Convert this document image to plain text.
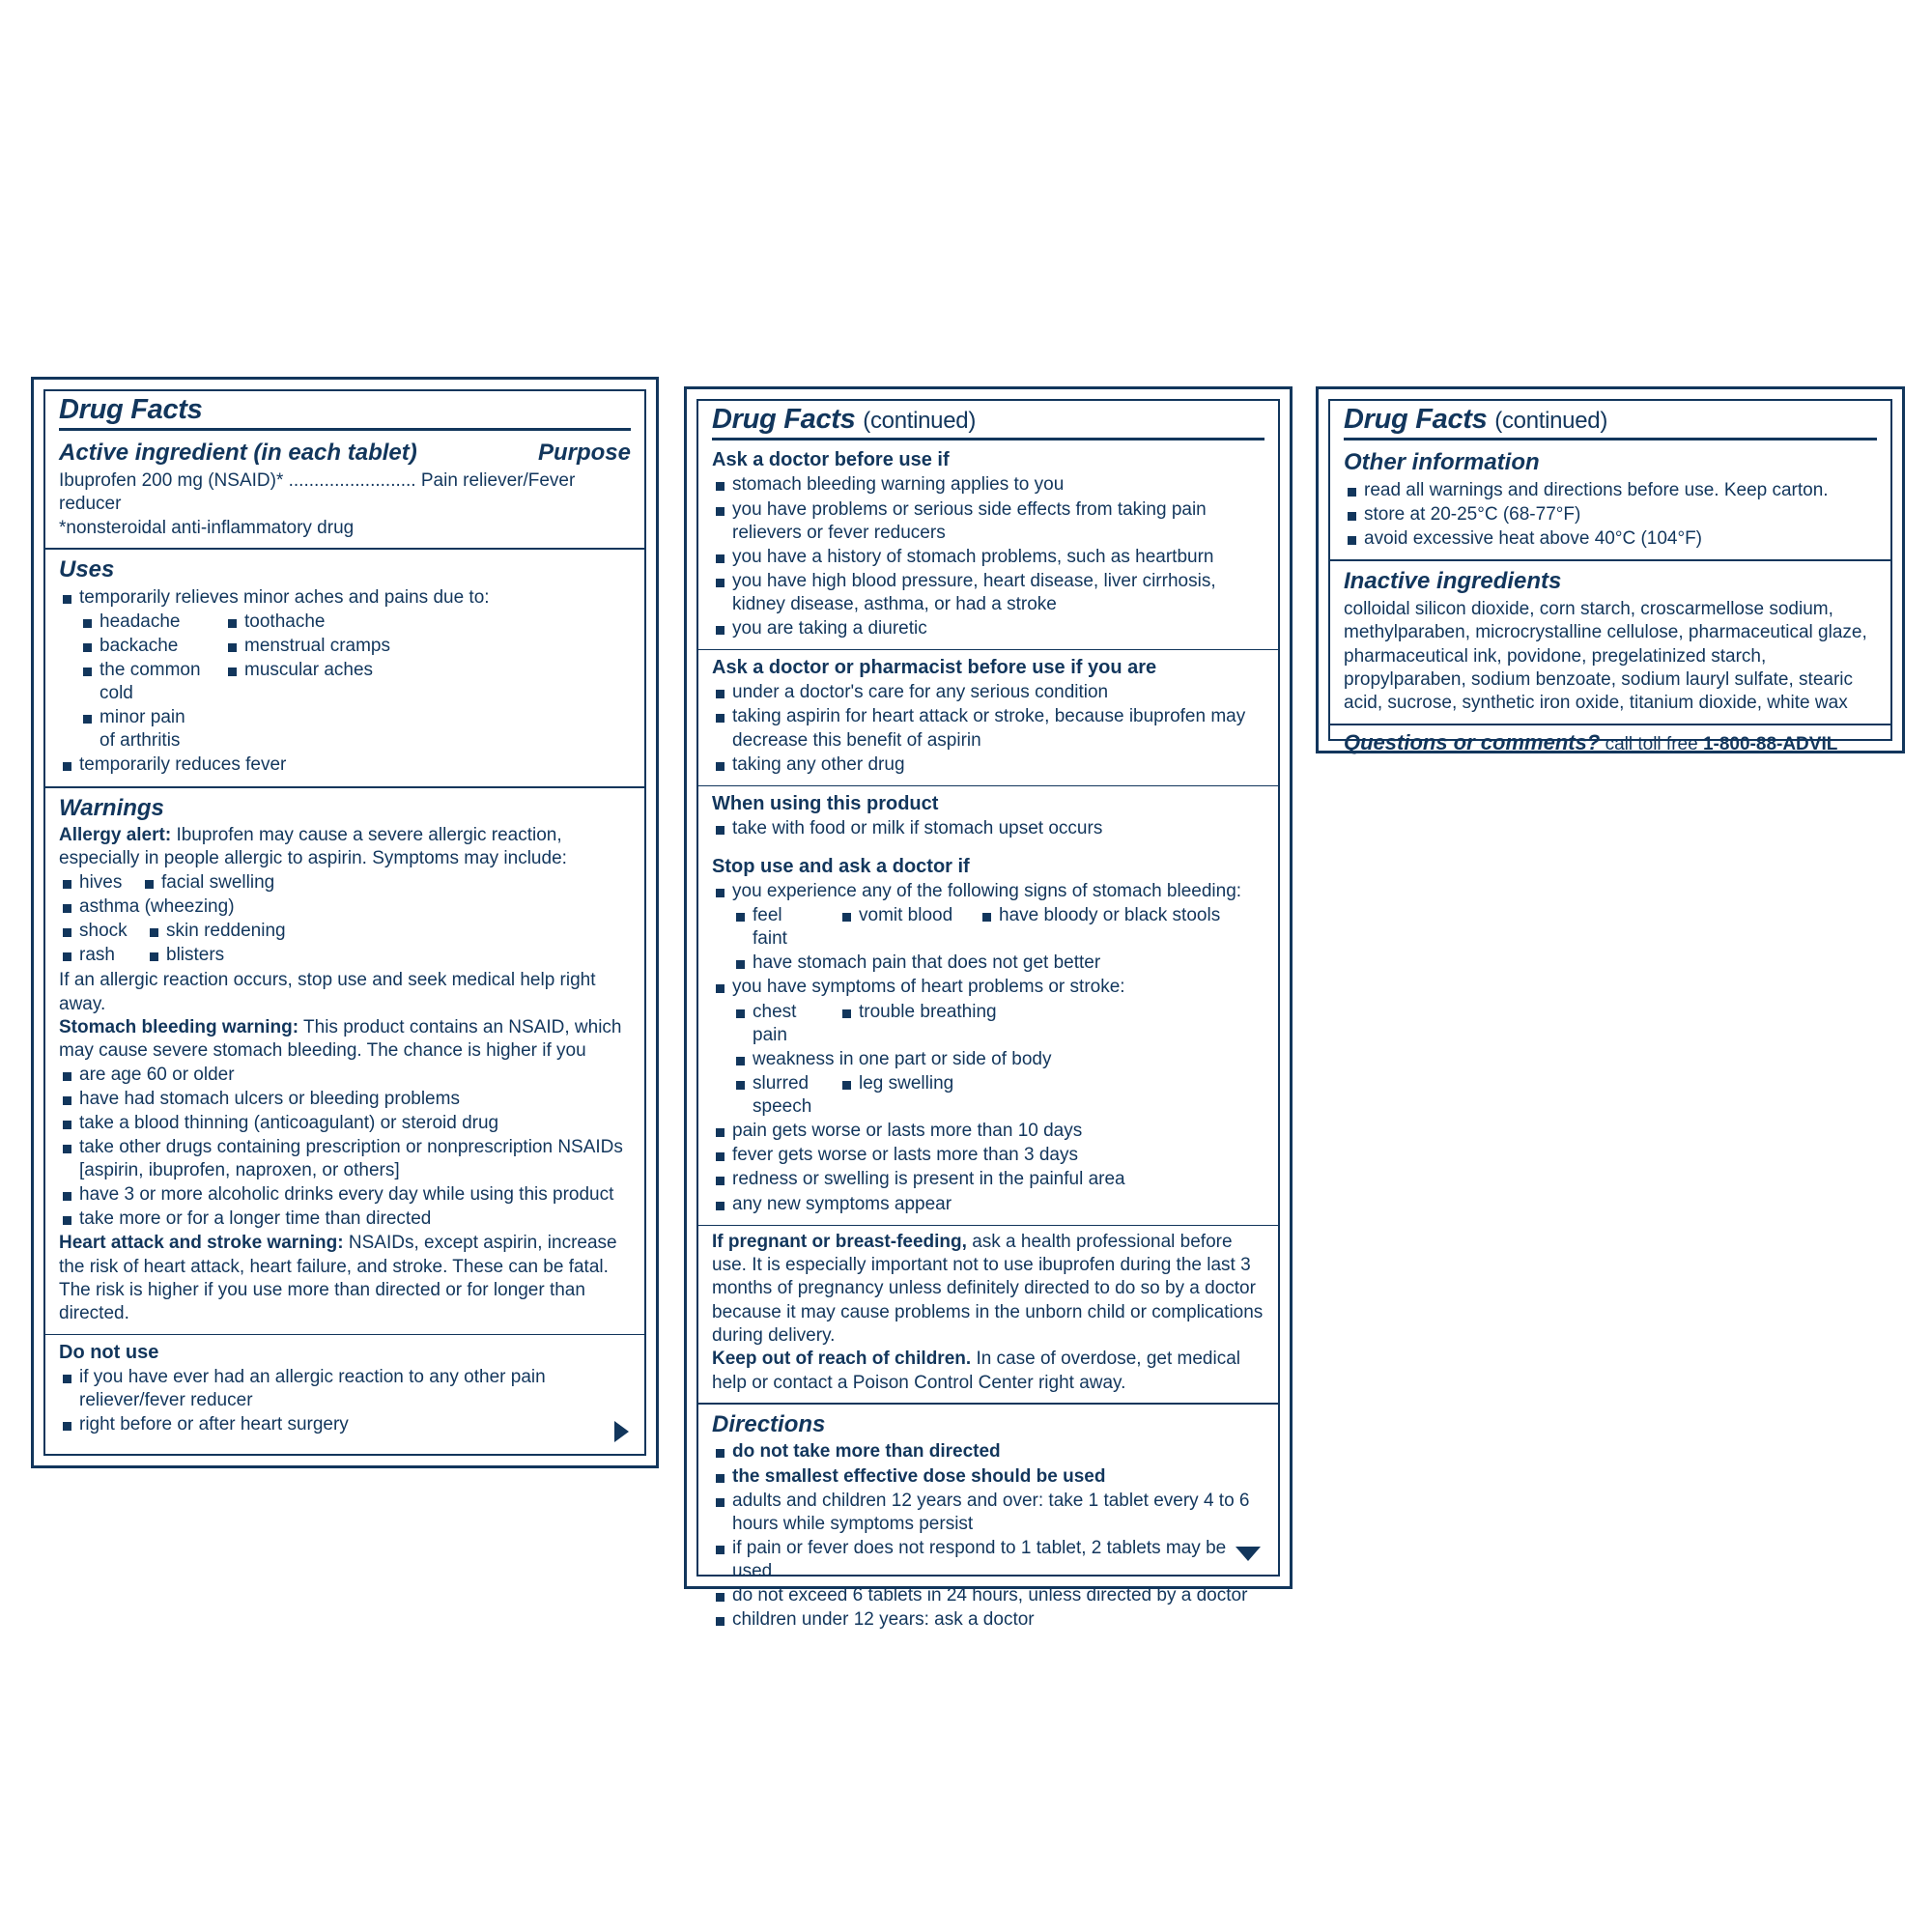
Drug Facts
Active ingredient (in each tablet)	Purpose
Ibuprofen 200 mg (NSAID)* ......................... Pain reliever/Fever reducer
*nonsteroidal anti-inflammatory drug
Uses
temporarily relieves minor aches and pains due to:
headache
backache
the common cold
minor pain of arthritis
toothache
menstrual cramps
muscular aches
temporarily reduces fever
Warnings
Allergy alert: Ibuprofen may cause a severe allergic reaction, especially in people allergic to aspirin. Symptoms may include:
hives	facial swelling
asthma (wheezing)
shock
rash
skin reddening
blisters
If an allergic reaction occurs, stop use and seek medical help right away.
Stomach bleeding warning: This product contains an NSAID, which may cause severe stomach bleeding. The chance is higher if you
are age 60 or older
have had stomach ulcers or bleeding problems
take a blood thinning (anticoagulant) or steroid drug
take other drugs containing prescription or nonprescription NSAIDs [aspirin, ibuprofen, naproxen, or others]
have 3 or more alcoholic drinks every day while using this product
take more or for a longer time than directed
Heart attack and stroke warning: NSAIDs, except aspirin, increase the risk of heart attack, heart failure, and stroke. These can be fatal. The risk is higher if you use more than directed or for longer than directed.
Do not use
if you have ever had an allergic reaction to any other pain reliever/fever reducer
right before or after heart surgery
Drug Facts (continued)
Ask a doctor before use if
stomach bleeding warning applies to you
you have problems or serious side effects from taking pain relievers or fever reducers
you have a history of stomach problems, such as heartburn
you have high blood pressure, heart disease, liver cirrhosis, kidney disease, asthma, or had a stroke
you are taking a diuretic
Ask a doctor or pharmacist before use if you are
under a doctor's care for any serious condition
taking aspirin for heart attack or stroke, because ibuprofen may decrease this benefit of aspirin
taking any other drug
When using this product
take with food or milk if stomach upset occurs
Stop use and ask a doctor if
you experience any of the following signs of stomach bleeding:
feel faint
vomit blood	have bloody or black stools
have stomach pain that does not get better
you have symptoms of heart problems or stroke:
chest pain
trouble breathing
weakness in one part or side of body
slurred speech
leg swelling
pain gets worse or lasts more than 10 days
fever gets worse or lasts more than 3 days
redness or swelling is present in the painful area
any new symptoms appear
If pregnant or breast-feeding, ask a health professional before use. It is especially important not to use ibuprofen during the last 3 months of pregnancy unless definitely directed to do so by a doctor because it may cause problems in the unborn child or complications during delivery.
Keep out of reach of children. In case of overdose, get medical help or contact a Poison Control Center right away.
Directions
do not take more than directed
the smallest effective dose should be used
adults and children 12 years and over: take 1 tablet every 4 to 6 hours while symptoms persist
if pain or fever does not respond to 1 tablet, 2 tablets may be used
do not exceed 6 tablets in 24 hours, unless directed by a doctor
children under 12 years: ask a doctor
Drug Facts (continued)
Other information
read all warnings and directions before use. Keep carton.
store at 20-25°C (68-77°F)
avoid excessive heat above 40°C (104°F)
Inactive ingredients
colloidal silicon dioxide, corn starch, croscarmellose sodium, methylparaben, microcrystalline cellulose, pharmaceutical glaze, pharmaceutical ink, povidone, pregelatinized starch, propylparaben, sodium benzoate, sodium lauryl sulfate, stearic acid, sucrose, synthetic iron oxide, titanium dioxide, white wax
Questions or comments? call toll free 1-800-88-ADVIL
